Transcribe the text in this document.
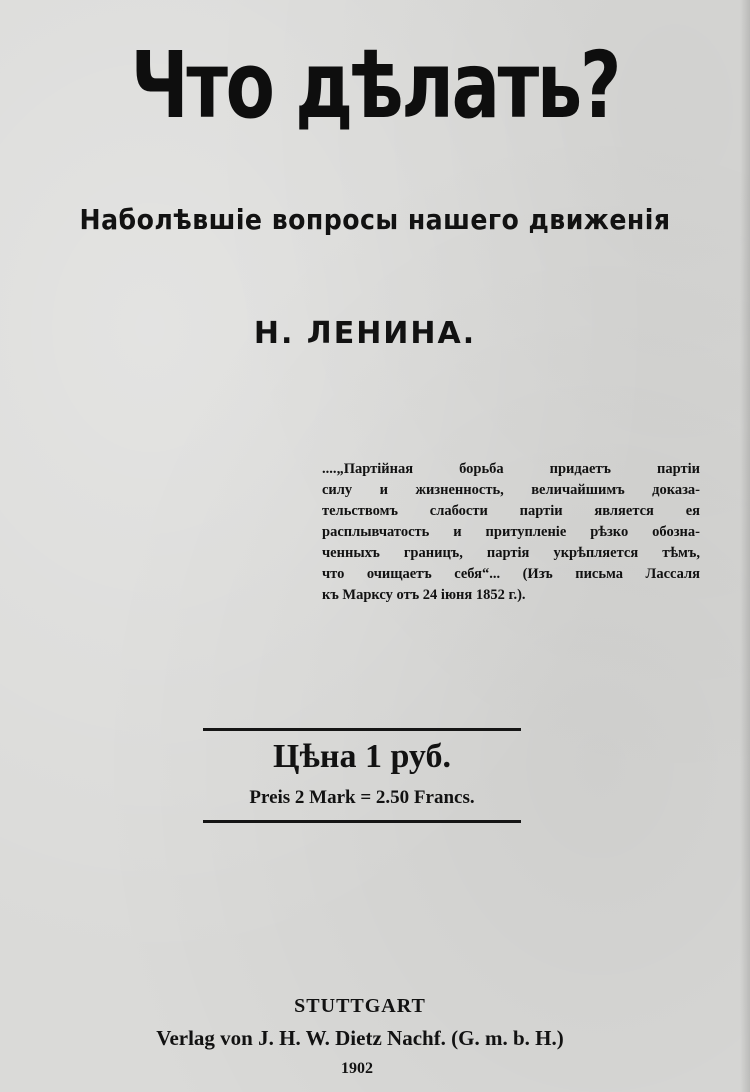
Что дѣлать?
Наболѣвшіе вопросы нашего движенія
Н. ЛЕНИНА.
....„Партійная борьба придаетъ партіи
силу и жизненность, величайшимъ доказа-
тельствомъ слабости партіи является ея
расплывчатость и притупленіе рѣзко обозна-
ченныхъ границъ, партія укрѣпляется тѣмъ,
что очищаетъ себя“... (Изъ письма Лассаля
къ Марксу отъ 24 іюня 1852 г.).
Цѣна 1 руб.
Preis 2 Mark = 2.50 Francs.
STUTTGART
Verlag von J. H. W. Dietz Nachf. (G. m. b. H.)
1902
